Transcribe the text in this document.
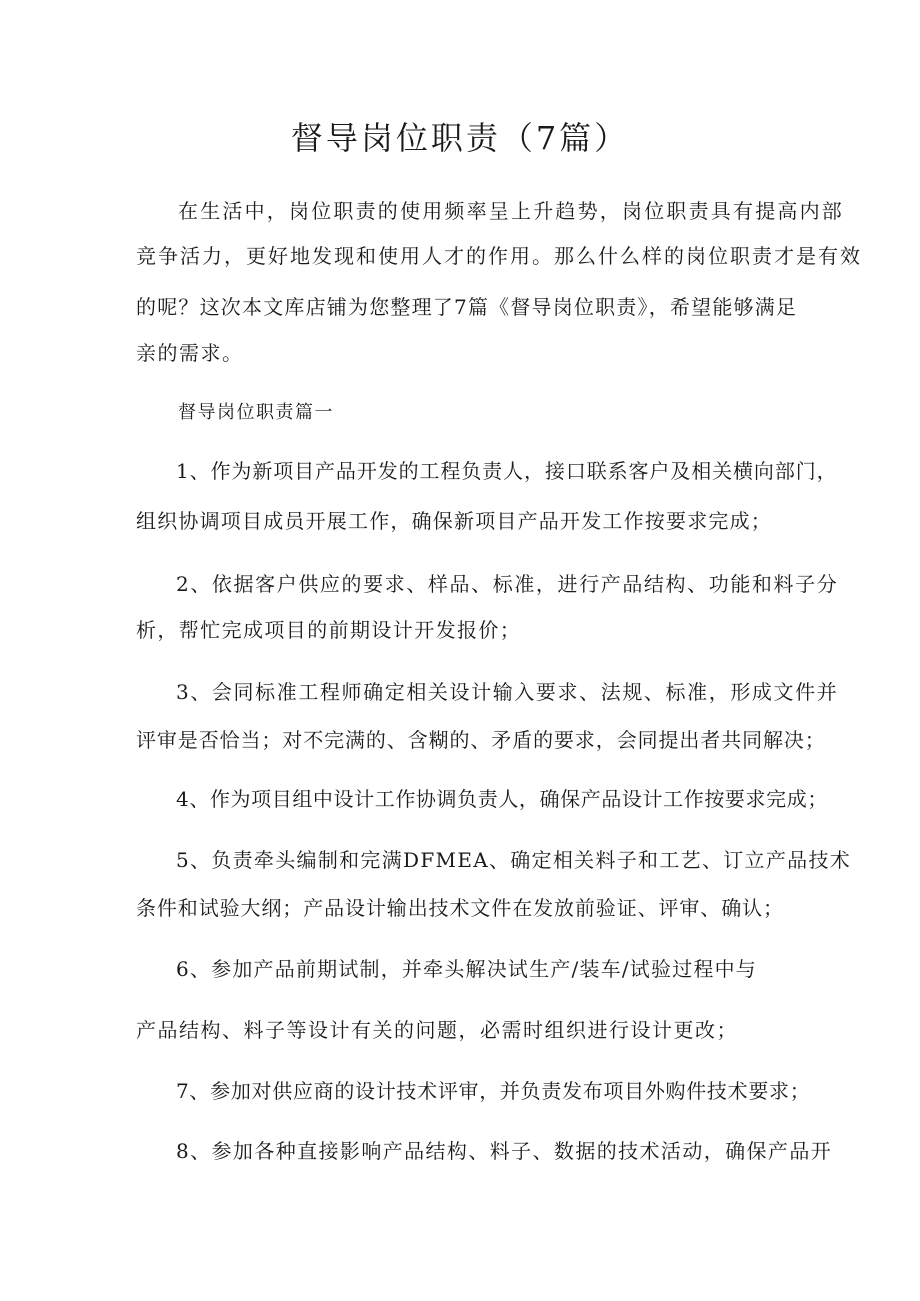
督导岗位职责（7篇）
在生活中，岗位职责的使用频率呈上升趋势，岗位职责具有提高内部
竞争活力，更好地发现和使用人才的作用。那么什么样的岗位职责才是有效
的呢？这次本文库店铺为您整理了7篇《督导岗位职责》，希望能够满足
亲的需求。
督导岗位职责篇一
1、作为新项目产品开发的工程负责人，接口联系客户及相关横向部门，
组织协调项目成员开展工作，确保新项目产品开发工作按要求完成；
2、依据客户供应的要求、样品、标准，进行产品结构、功能和料子分
析，帮忙完成项目的前期设计开发报价；
3、会同标准工程师确定相关设计输入要求、法规、标准，形成文件并
评审是否恰当；对不完满的、含糊的、矛盾的要求，会同提出者共同解决；
4、作为项目组中设计工作协调负责人，确保产品设计工作按要求完成；
5、负责牵头编制和完满DFMEA、确定相关料子和工艺、订立产品技术
条件和试验大纲；产品设计输出技术文件在发放前验证、评审、确认；
6、参加产品前期试制，并牵头解决试生产/装车/试验过程中与
产品结构、料子等设计有关的问题，必需时组织进行设计更改；
7、参加对供应商的设计技术评审，并负责发布项目外购件技术要求；
8、参加各种直接影响产品结构、料子、数据的技术活动，确保产品开
